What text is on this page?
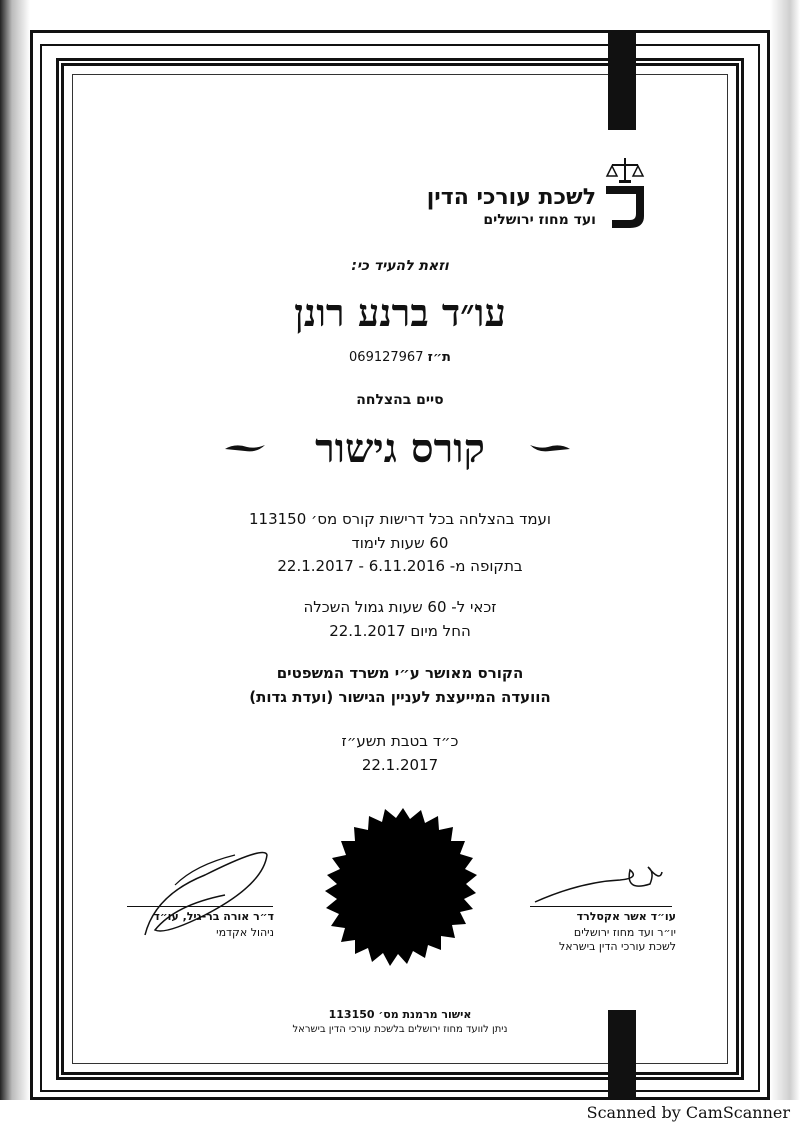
לשכת עורכי הדין
ועד מחוז ירושלים
וזאת להעיד כי:
עו״ד ברנע רונן
ת״ז 069127967
סיים בהצלחה
קורס גישור
ועמד בהצלחה בכל דרישות קורס מס׳ 113150
60 שעות לימוד
בתקופה מ- 6.11.2016 - 22.1.2017
זכאי ל- 60 שעות גמול השכלה
החל מיום 22.1.2017
הקורס מאושר ע״י משרד המשפטים
הוועדה המייעצת לעניין הגישור (ועדת גדות)
כ״ד בטבת תשע״ז
22.1.2017
ד״ר אורה בר-גיל, עו״ד
ניהול אקדמי
עו״ד אשר אקסלרד
יו״ר ועד מחוז ירושלים
לשכת עורכי הדין בישראל
אישור מרמנת מס׳ 113150
ניתן לוועד מחוז ירושלים בלשכת עורכי הדין בישראל
Scanned by CamScanner
